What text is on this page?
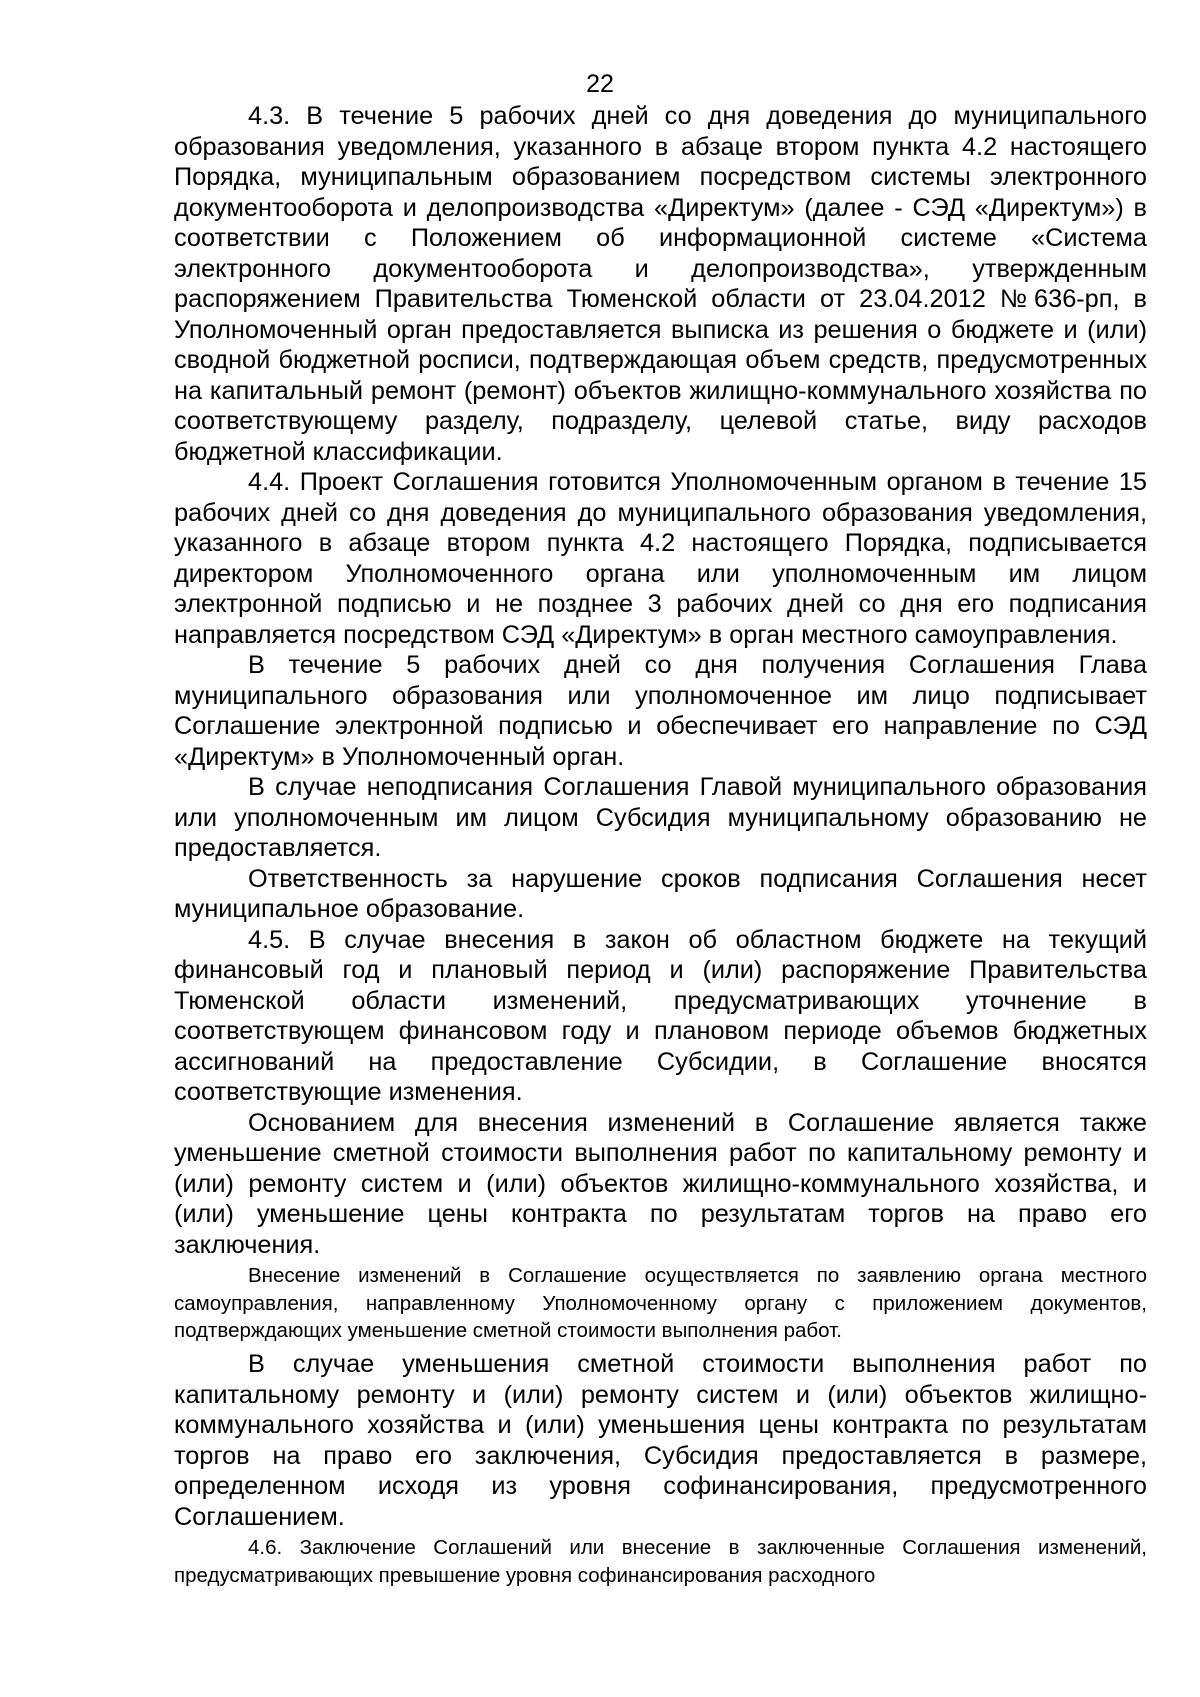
22

4.3. В течение 5 рабочих дней со дня доведения до муниципального образования уведомления, указанного в абзаце втором пункта 4.2 настоящего Порядка, муниципальным образованием посредством системы электронного документооборота и делопроизводства «Директум» (далее - СЭД «Директум») в соответствии с Положением об информационной системе «Система электронного документооборота и делопроизводства», утвержденным распоряжением Правительства Тюменской области от 23.04.2012 №636-рп, в Уполномоченный орган предоставляется выписка из решения о бюджете и (или) сводной бюджетной росписи, подтверждающая объем средств, предусмотренных на капитальный ремонт (ремонт) объектов жилищно-коммунального хозяйства по соответствующему разделу, подразделу, целевой статье, виду расходов бюджетной классификации.

4.4. Проект Соглашения готовится Уполномоченным органом в течение 15 рабочих дней со дня доведения до муниципального образования уведомления, указанного в абзаце втором пункта 4.2 настоящего Порядка, подписывается директором Уполномоченного органа или уполномоченным им лицом электронной подписью и не позднее 3 рабочих дней со дня его подписания направляется посредством СЭД «Директум» в орган местного самоуправления.

В течение 5 рабочих дней со дня получения Соглашения Глава муниципального образования или уполномоченное им лицо подписывает Соглашение электронной подписью и обеспечивает его направление по СЭД «Директум» в Уполномоченный орган.

В случае неподписания Соглашения Главой муниципального образования или уполномоченным им лицом Субсидия муниципальному образованию не предоставляется.

Ответственность за нарушение сроков подписания Соглашения несет муниципальное образование.

4.5. В случае внесения в закон об областном бюджете на текущий финансовый год и плановый период и (или) распоряжение Правительства Тюменской области изменений, предусматривающих уточнение в соответствующем финансовом году и плановом периоде объемов бюджетных ассигнований на предоставление Субсидии, в Соглашение вносятся соответствующие изменения.

Основанием для внесения изменений в Соглашение является также уменьшение сметной стоимости выполнения работ по капитальному ремонту и (или) ремонту систем и (или) объектов жилищно-коммунального хозяйства, и (или) уменьшение цены контракта по результатам торгов на право его заключения.

Внесение изменений в Соглашение осуществляется по заявлению органа местного самоуправления, направленному Уполномоченному органу с приложением документов, подтверждающих уменьшение сметной стоимости выполнения работ.

В случае уменьшения сметной стоимости выполнения работ по капитальному ремонту и (или) ремонту систем и (или) объектов жилищно-коммунального хозяйства и (или) уменьшения цены контракта по результатам торгов на право его заключения, Субсидия предоставляется в размере, определенном исходя из уровня софинансирования, предусмотренного Соглашением.

4.6. Заключение Соглашений или внесение в заключенные Соглашения изменений, предусматривающих превышение уровня софинансирования расходного
